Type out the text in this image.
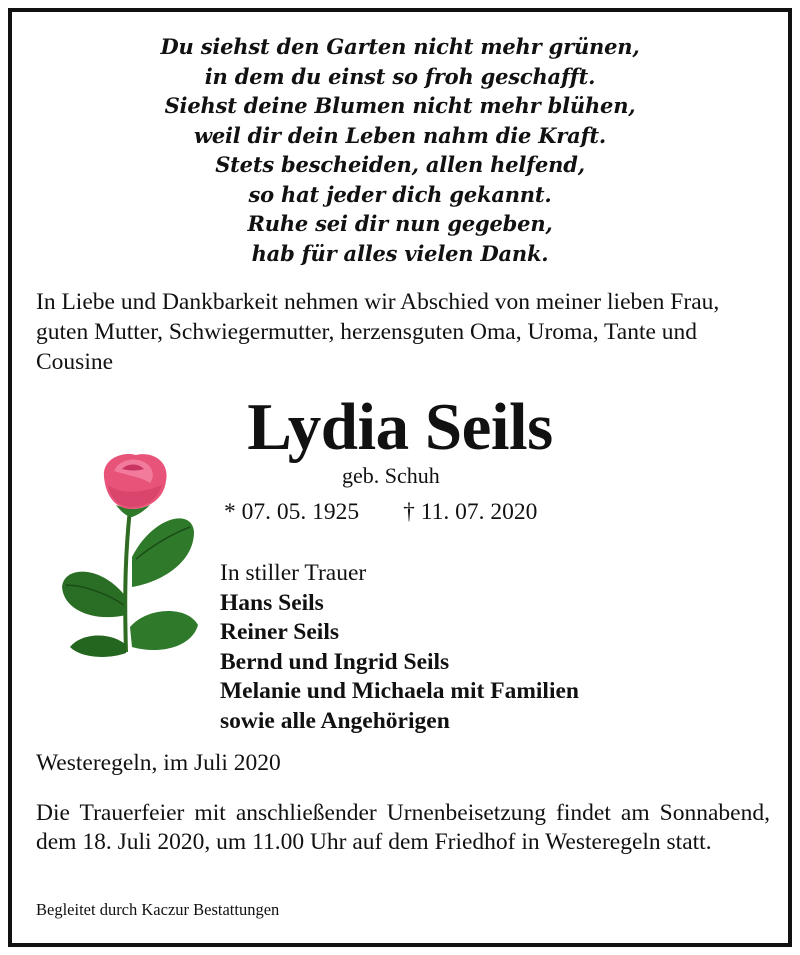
Du siehst den Garten nicht mehr grünen,
in dem du einst so froh geschafft.
Siehst deine Blumen nicht mehr blühen,
weil dir dein Leben nahm die Kraft.
Stets bescheiden, allen helfend,
so hat jeder dich gekannt.
Ruhe sei dir nun gegeben,
hab für alles vielen Dank.
In Liebe und Dankbarkeit nehmen wir Abschied von meiner lieben Frau, guten Mutter, Schwiegermutter, herzensguten Oma, Uroma, Tante und Cousine
Lydia Seils
geb. Schuh
* 07. 05. 1925 † 11. 07. 2020
In stiller Trauer
Hans Seils
Reiner Seils
Bernd und Ingrid Seils
Melanie und Michaela mit Familien
sowie alle Angehörigen
Westeregeln, im Juli 2020
Die Trauerfeier mit anschließender Urnenbeisetzung findet am Sonnabend, dem 18. Juli 2020, um 11.00 Uhr auf dem Friedhof in Westeregeln statt.
Begleitet durch Kaczur Bestattungen
